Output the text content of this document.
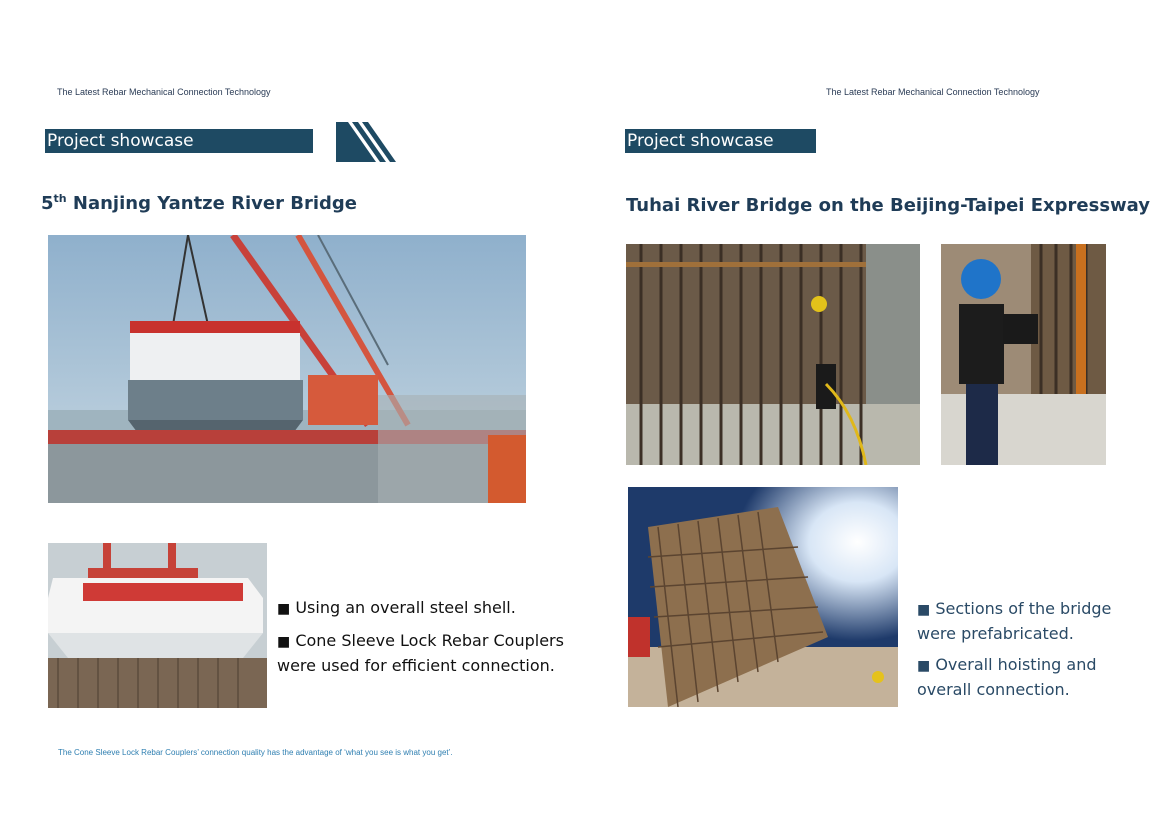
The Latest Rebar Mechanical Connection Technology
Project showcase
5th Nanjing Yantze River Bridge

■ Using an overall steel shell.

■ Cone Sleeve Lock Rebar Couplers were used for efficient connection.

The Cone Sleeve Lock Rebar Couplers’ connection quality has the advantage of ‘what you see is what you get’.
The Latest Rebar Mechanical Connection Technology
Project showcase
Tuhai River Bridge on the Beijing-Taipei Expressway

■ Sections of the bridge were prefabricated.

■ Overall hoisting and overall connection.
